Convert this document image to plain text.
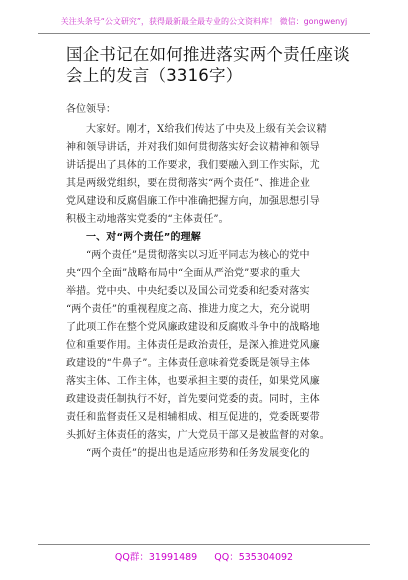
关注头条号“公文研究”，获得最新最全最专业的公文资料库！ 微信：gongwenyj
国企书记在如何推进落实两个责任座谈会上的发言（3316字）
各位领导：
大家好。刚才，X给我们传达了中央及上级有关会议精
神和领导讲话，并对我们如何贯彻落实好会议精神和领导
讲话提出了具体的工作要求，我们要融入到工作实际，尤
其是两级党组织，要在贯彻落实“两个责任”、推进企业
党风建设和反腐倡廉工作中准确把握方向，加强思想引导
积极主动地落实党委的“主体责任”。
一、对“两个责任”的理解
“两个责任”是贯彻落实以习近平同志为核心的党中
央“四个全面”战略布局中“全面从严治党”要求的重大
举措。党中央、中央纪委以及国公司党委和纪委对落实
“两个责任”的重视程度之高、推进力度之大，充分说明
了此项工作在整个党风廉政建设和反腐败斗争中的战略地
位和重要作用。主体责任是政治责任，是深入推进党风廉
政建设的“牛鼻子”。主体责任意味着党委既是领导主体
落实主体、工作主体，也要承担主要的责任，如果党风廉
政建设责任制执行不好，首先要问党委的责。同时，主体
责任和监督责任又是相辅相成、相互促进的，党委既要带
头抓好主体责任的落实，广大党员干部又是被监督的对象。
“两个责任”的提出也是适应形势和任务发展变化的
QQ群：31991489 QQ：535304092
